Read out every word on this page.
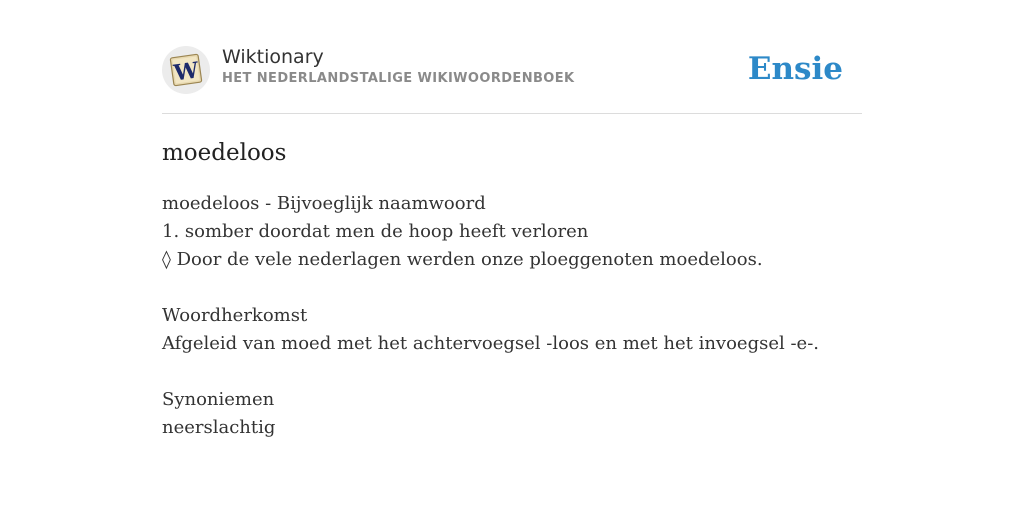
W
Wiktionary
HET NEDERLANDSTALIGE WIKIWOORDENBOEK	Ensie
moedeloos
moedeloos - Bijvoeglijk naamwoord
1. somber doordat men de hoop heeft verloren
◊ Door de vele nederlagen werden onze ploeggenoten moedeloos.
Woordherkomst
Afgeleid van moed met het achtervoegsel -loos en met het invoegsel -e-.
Synoniemen
neerslachtig
